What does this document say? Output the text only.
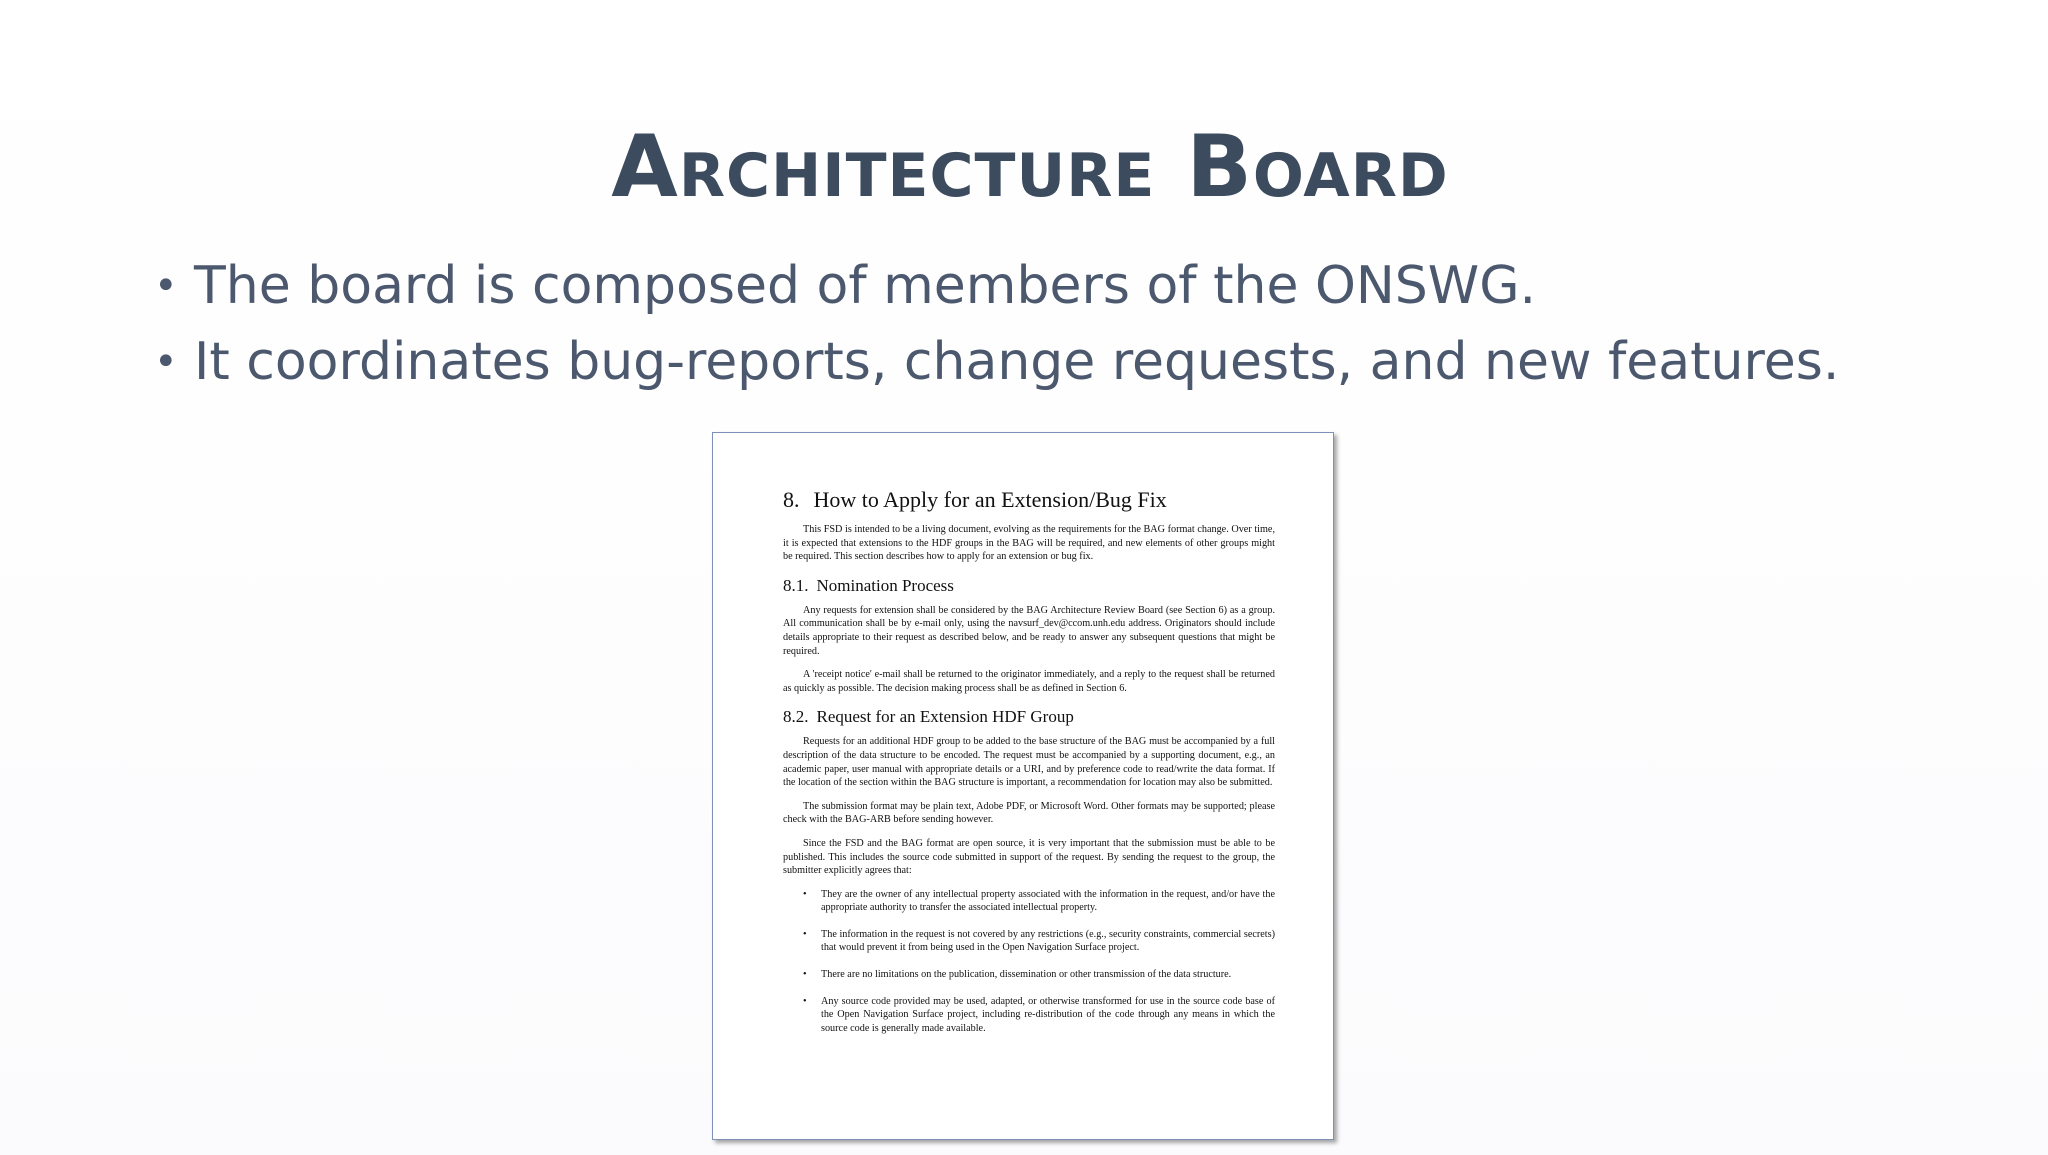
Architecture Board
• The board is composed of members of the ONSWG.
• It coordinates bug-reports, change requests, and new features.
8. How to Apply for an Extension/Bug Fix

This FSD is intended to be a living document, evolving as the requirements for the BAG format change. Over time, it is expected that extensions to the HDF groups in the BAG will be required, and new elements of other groups might be required. This section describes how to apply for an extension or bug fix.

8.1. Nomination Process

Any requests for extension shall be considered by the BAG Architecture Review Board (see Section 6) as a group. All communication shall be by e-mail only, using the navsurf_dev@ccom.unh.edu address. Originators should include details appropriate to their request as described below, and be ready to answer any subsequent questions that might be required.

A 'receipt notice' e-mail shall be returned to the originator immediately, and a reply to the request shall be returned as quickly as possible. The decision making process shall be as defined in Section 6.

8.2. Request for an Extension HDF Group

Requests for an additional HDF group to be added to the base structure of the BAG must be accompanied by a full description of the data structure to be encoded. The request must be accompanied by a supporting document, e.g., an academic paper, user manual with appropriate details or a URI, and by preference code to read/write the data format. If the location of the section within the BAG structure is important, a recommendation for location may also be submitted.

The submission format may be plain text, Adobe PDF, or Microsoft Word. Other formats may be supported; please check with the BAG-ARB before sending however.

Since the FSD and the BAG format are open source, it is very important that the submission must be able to be published. This includes the source code submitted in support of the request. By sending the request to the group, the submitter explicitly agrees that:

• They are the owner of any intellectual property associated with the information in the request, and/or have the appropriate authority to transfer the associated intellectual property.
• The information in the request is not covered by any restrictions (e.g., security constraints, commercial secrets) that would prevent it from being used in the Open Navigation Surface project.
• There are no limitations on the publication, dissemination or other transmission of the data structure.
• Any source code provided may be used, adapted, or otherwise transformed for use in the source code base of the Open Navigation Surface project, including re-distribution of the code through any means in which the source code is generally made available.
